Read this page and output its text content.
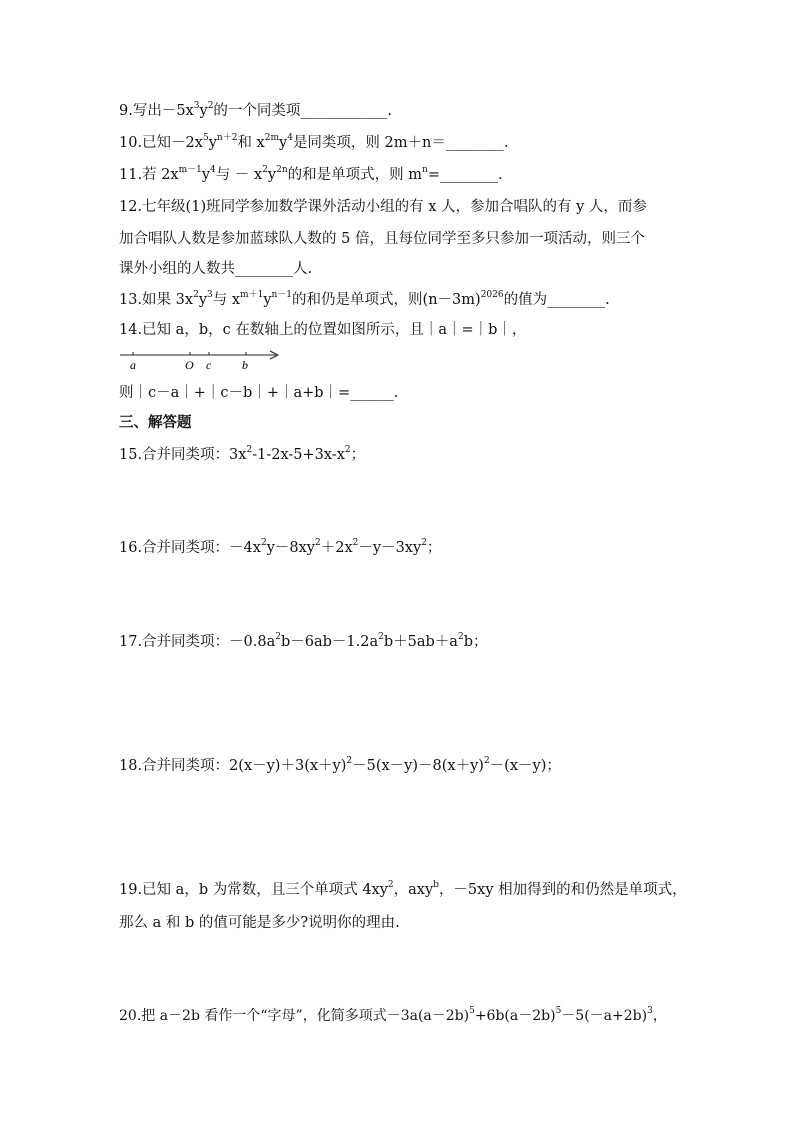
9.写出$-5x^3y^2$的一个同类项____________.
10.已知$-2x^5y^{n+2}$和 $x^{2m}y^4$是同类项，则 2m＋n＝________.
11.若 $2x^{m-1}y^4$与 － $x^2y^{2n}$的和是单项式，则 $m^n=\_\_\_\_\_\_\_\_$.
12.七年级(1)班同学参加数学课外活动小组的有 x 人，参加合唱队的有 y 人，而参
加合唱队人数是参加蓝球队人数的 5 倍，且每位同学至多只参加一项活动，则三个
课外小组的人数共________人.
13.如果 $3x^2y^3$与 $x^{m+1}y^{n-1}$的和仍是单项式，则$(n-3m)^{2026}$的值为________.
14.已知 a，b，c 在数轴上的位置如图所示，且｜a｜=｜b｜，
a	O c	b
则｜c－a｜+｜c－b｜+｜a+b｜=______.
三、解答题
15.合并同类项：$3x^2-1-2x-5+3x-x^2$；
16.合并同类项：$-4x^2y-8xy^2+2x^2-y-3xy^2$；
17.合并同类项：$-0.8a^2b-6ab-1.2a^2b+5ab+a^2b$；
18.合并同类项：$2(x-y)+3(x+y)^2-5(x-y)-8(x+y)^2-(x-y)$；
19.已知 a，b 为常数，且三个单项式 $4xy^2$，axy$^b$，－5xy 相加得到的和仍然是单项式，
那么 a 和 b 的值可能是多少?说明你的理由.
20.把 a－2b 看作一个“字母”，化简多项式$-3a(a-2b)^5+6b(a-2b)^5-5(-a+2b)^3$，
